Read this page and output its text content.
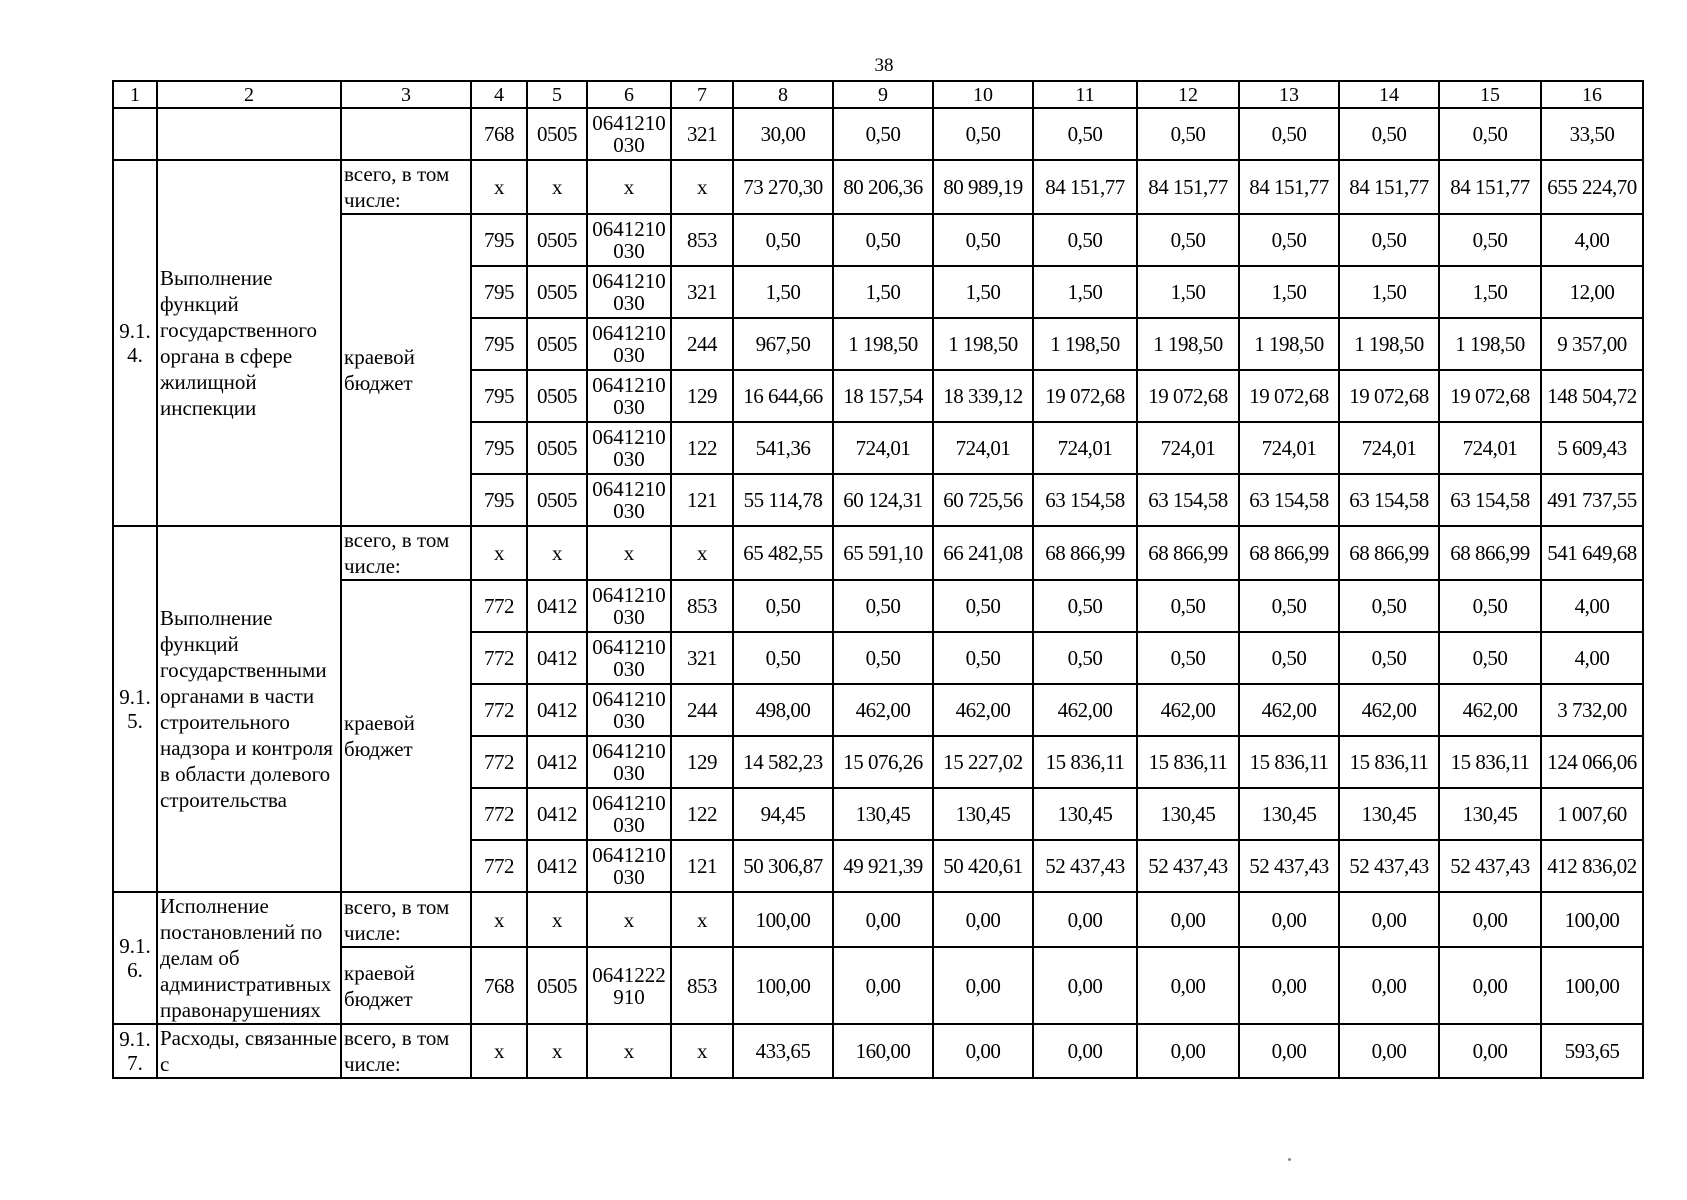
38
1	2	3	4	5	6	7	8	9	10	11	12	13	14	15	16
			768	0505	0641210 030	321	30,00	0,50	0,50	0,50	0,50	0,50	0,50	0,50	33,50
9.1. 4.	Выполнение функций государственного органа в сфере жилищной инспекции	всего, в том числе:	x	x	x	x	73 270,30	80 206,36	80 989,19	84 151,77	84 151,77	84 151,77	84 151,77	84 151,77	655 224,70
		краевой бюджет	795	0505	0641210 030	853	0,50	0,50	0,50	0,50	0,50	0,50	0,50	0,50	4,00
			795	0505	0641210 030	321	1,50	1,50	1,50	1,50	1,50	1,50	1,50	1,50	12,00
			795	0505	0641210 030	244	967,50	1 198,50	1 198,50	1 198,50	1 198,50	1 198,50	1 198,50	1 198,50	9 357,00
			795	0505	0641210 030	129	16 644,66	18 157,54	18 339,12	19 072,68	19 072,68	19 072,68	19 072,68	19 072,68	148 504,72
			795	0505	0641210 030	122	541,36	724,01	724,01	724,01	724,01	724,01	724,01	724,01	5 609,43
			795	0505	0641210 030	121	55 114,78	60 124,31	60 725,56	63 154,58	63 154,58	63 154,58	63 154,58	63 154,58	491 737,55
9.1. 5.	Выполнение функций государственными органами в части строительного надзора и контроля в области долевого строительства	всего, в том числе:	x	x	x	x	65 482,55	65 591,10	66 241,08	68 866,99	68 866,99	68 866,99	68 866,99	68 866,99	541 649,68
		краевой бюджет	772	0412	0641210 030	853	0,50	0,50	0,50	0,50	0,50	0,50	0,50	0,50	4,00
			772	0412	0641210 030	321	0,50	0,50	0,50	0,50	0,50	0,50	0,50	0,50	4,00
			772	0412	0641210 030	244	498,00	462,00	462,00	462,00	462,00	462,00	462,00	462,00	3 732,00
			772	0412	0641210 030	129	14 582,23	15 076,26	15 227,02	15 836,11	15 836,11	15 836,11	15 836,11	15 836,11	124 066,06
			772	0412	0641210 030	122	94,45	130,45	130,45	130,45	130,45	130,45	130,45	130,45	1 007,60
			772	0412	0641210 030	121	50 306,87	49 921,39	50 420,61	52 437,43	52 437,43	52 437,43	52 437,43	52 437,43	412 836,02
9.1. 6.	Исполнение постановлений по делам об административных правонарушениях	всего, в том числе:	x	x	x	x	100,00	0,00	0,00	0,00	0,00	0,00	0,00	0,00	100,00
		краевой бюджет	768	0505	0641222 910	853	100,00	0,00	0,00	0,00	0,00	0,00	0,00	0,00	100,00
9.1. 7.	Расходы, связанные с	всего, в том числе:	x	x	x	x	433,65	160,00	0,00	0,00	0,00	0,00	0,00	0,00	593,65
